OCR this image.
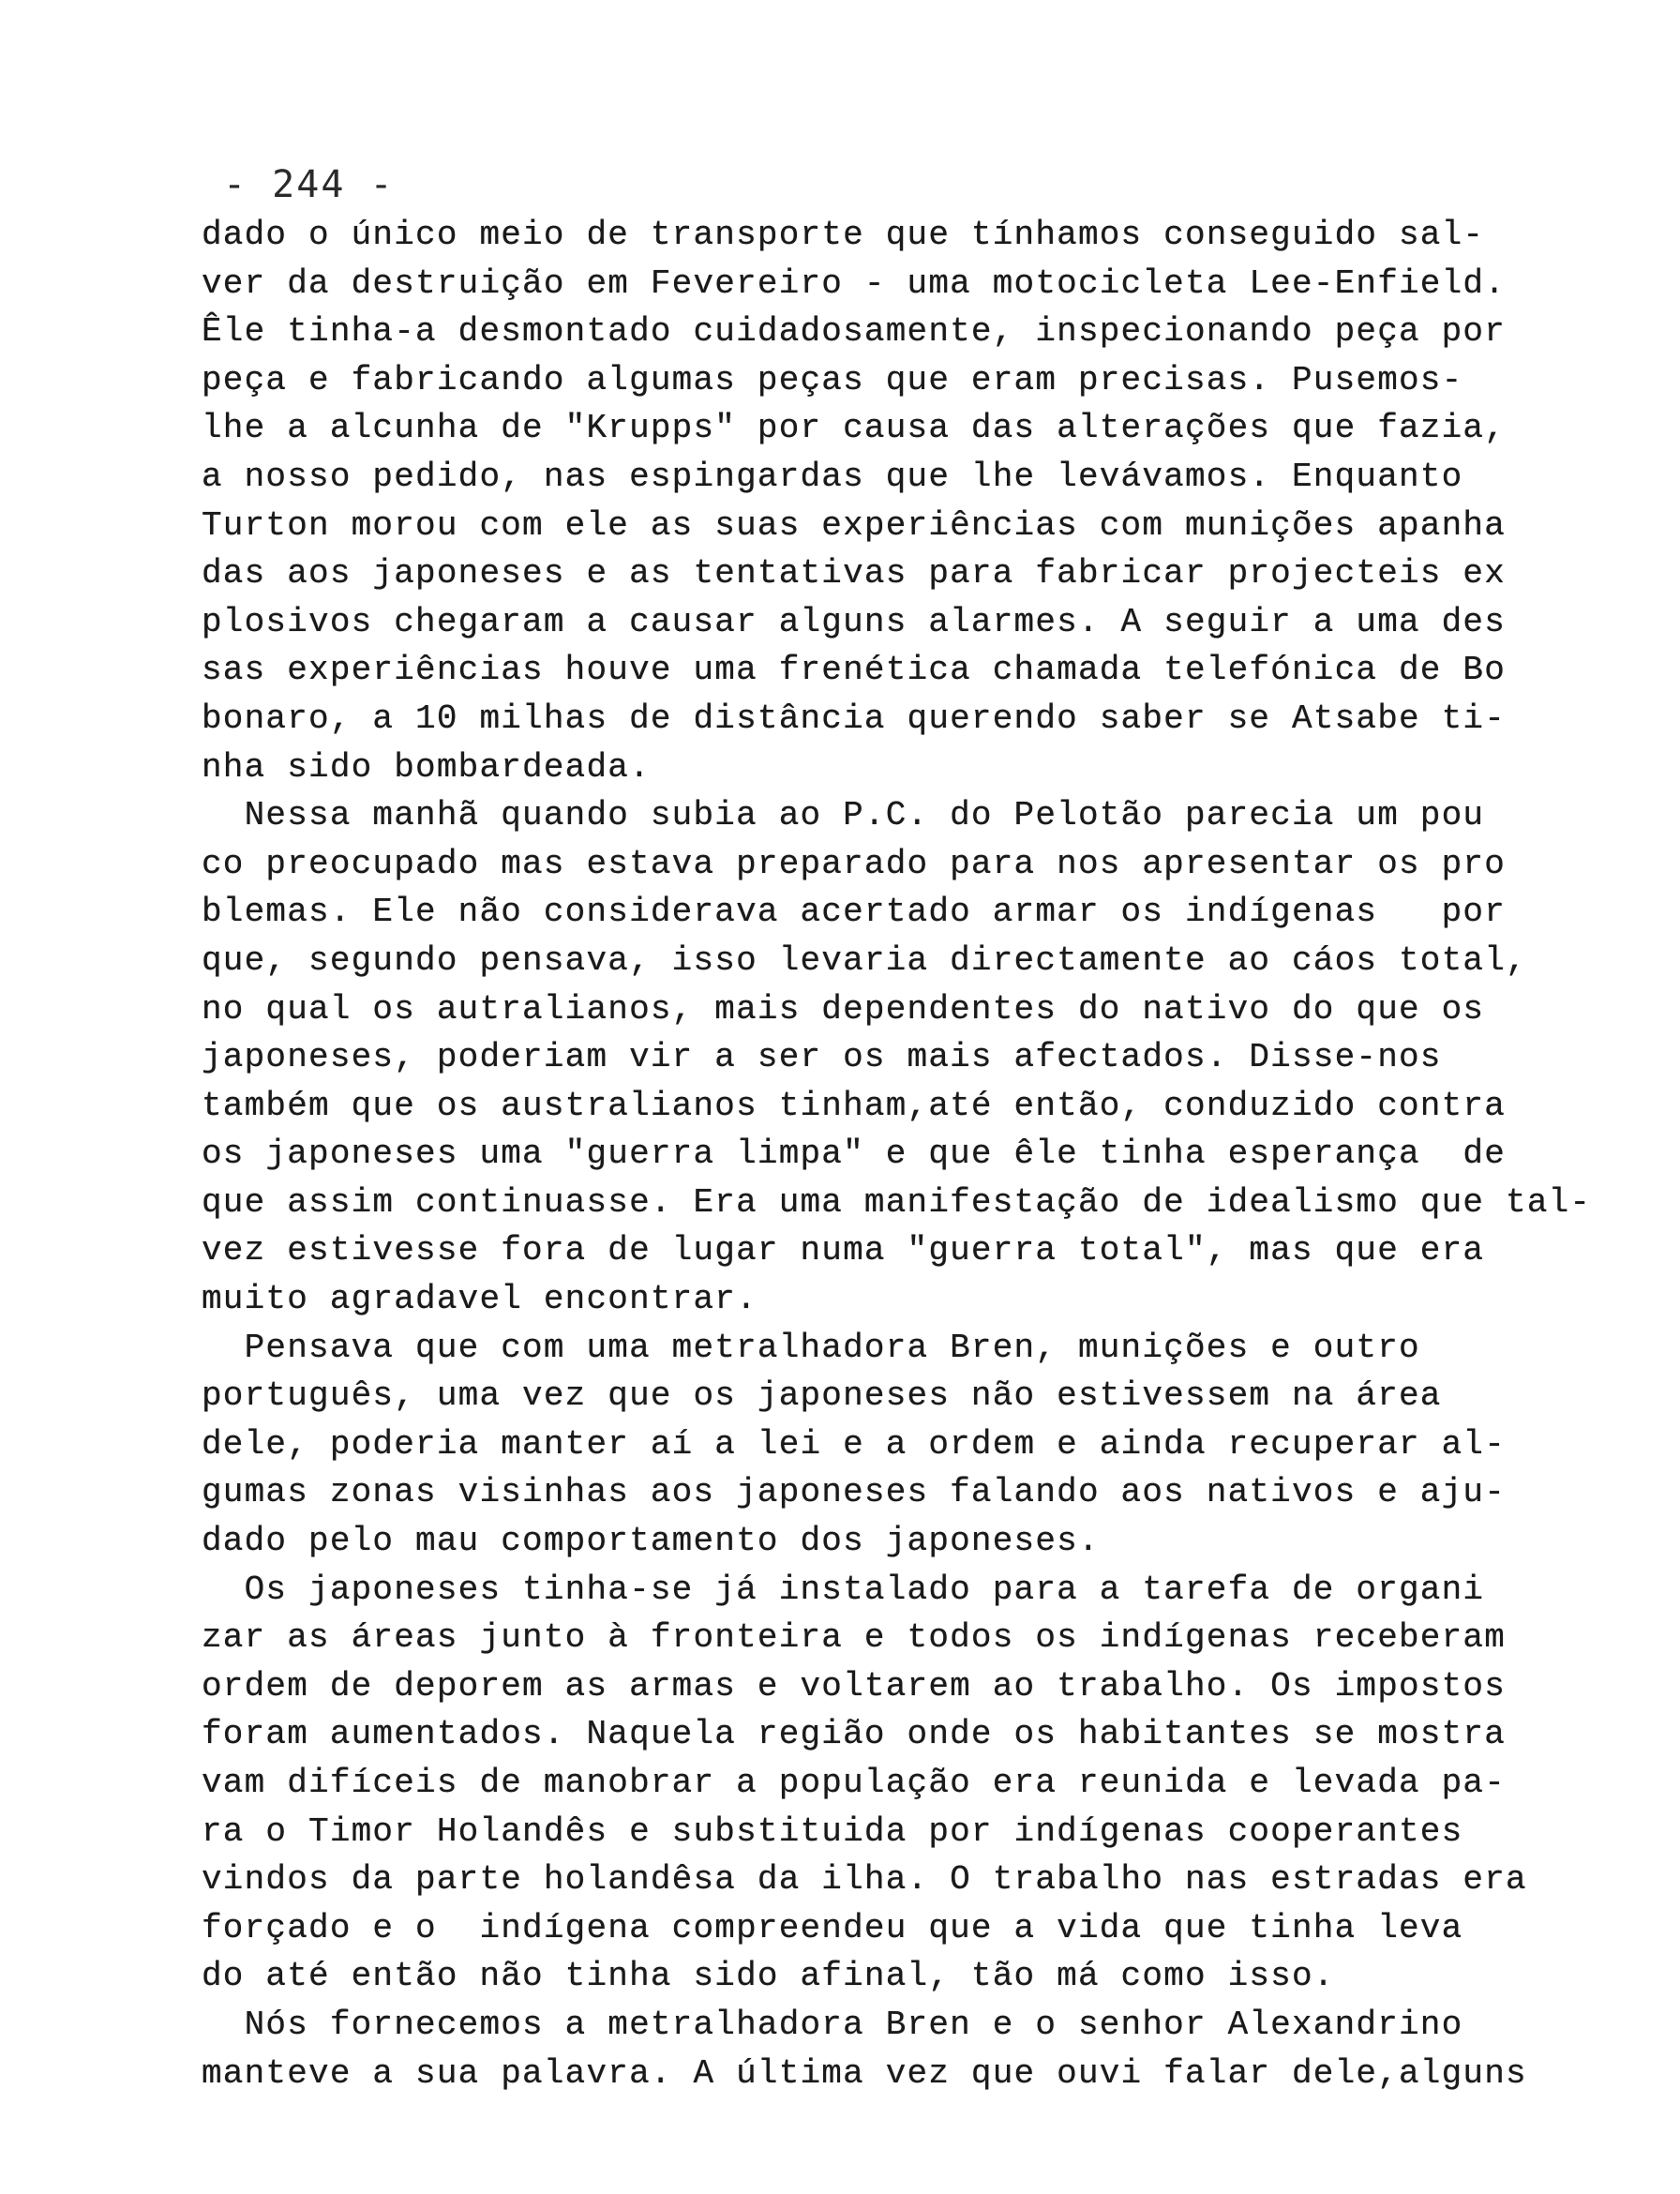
- 244 -
dado o único meio de transporte que tínhamos conseguido sal-
ver da destruição em Fevereiro - uma motocicleta Lee-Enfield.
Êle tinha-a desmontado cuidadosamente, inspecionando peça por
peça e fabricando algumas peças que eram precisas. Pusemos-
lhe a alcunha de "Krupps" por causa das alterações que fazia,
a nosso pedido, nas espingardas que lhe levávamos. Enquanto
Turton morou com ele as suas experiências com munições apanha
das aos japoneses e as tentativas para fabricar projecteis ex
plosivos chegaram a causar alguns alarmes. A seguir a uma des
sas experiências houve uma frenética chamada telefónica de Bo
bonaro, a 10 milhas de distância querendo saber se Atsabe ti-
nha sido bombardeada.
Nessa manhã quando subia ao P.C. do Pelotão parecia um pou
co preocupado mas estava preparado para nos apresentar os pro
blemas. Ele não considerava acertado armar os indígenas   por
que, segundo pensava, isso levaria directamente ao cáos total,
no qual os autralianos, mais dependentes do nativo do que os
japoneses, poderiam vir a ser os mais afectados. Disse-nos
também que os australianos tinham,até então, conduzido contra
os japoneses uma "guerra limpa" e que êle tinha esperança  de
que assim continuasse. Era uma manifestação de idealismo que tal-
vez estivesse fora de lugar numa "guerra total", mas que era
muito agradavel encontrar.
Pensava que com uma metralhadora Bren, munições e outro
português, uma vez que os japoneses não estivessem na área
dele, poderia manter aí a lei e a ordem e ainda recuperar al-
gumas zonas visinhas aos japoneses falando aos nativos e aju-
dado pelo mau comportamento dos japoneses.
Os japoneses tinha-se já instalado para a tarefa de organi
zar as áreas junto à fronteira e todos os indígenas receberam
ordem de deporem as armas e voltarem ao trabalho. Os impostos
foram aumentados. Naquela região onde os habitantes se mostra
vam difíceis de manobrar a população era reunida e levada pa-
ra o Timor Holandês e substituida por indígenas cooperantes
vindos da parte holandêsa da ilha. O trabalho nas estradas era
forçado e o  indígena compreendeu que a vida que tinha leva
do até então não tinha sido afinal, tão má como isso.
Nós fornecemos a metralhadora Bren e o senhor Alexandrino
manteve a sua palavra. A última vez que ouvi falar dele,alguns
